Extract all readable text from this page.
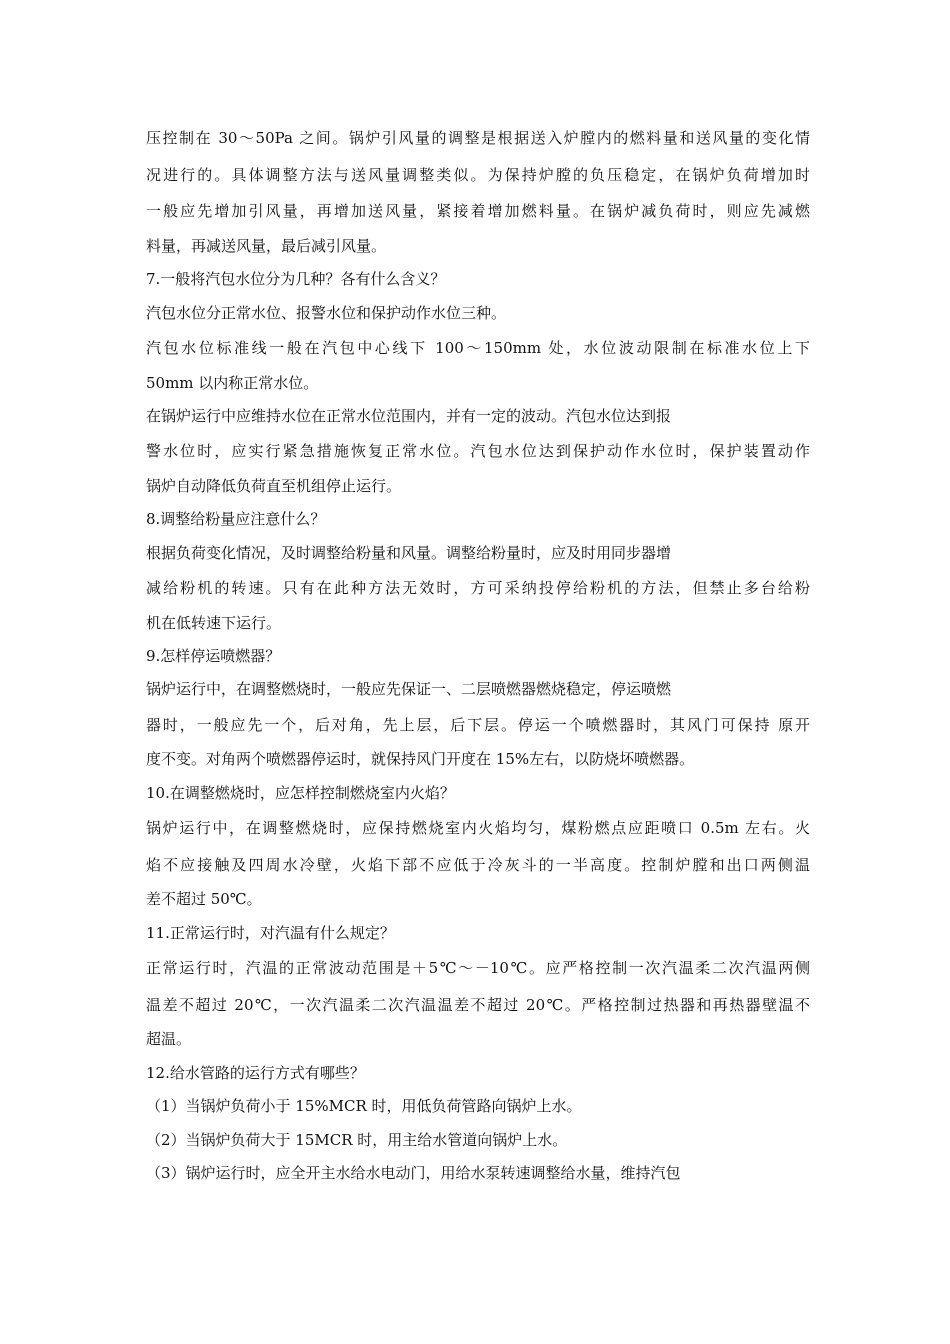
压控制在 30～50Pa 之间。锅炉引风量的调整是根据送入炉膛内的燃料量和送风量的变化情
况进行的。具体调整方法与送风量调整类似。为保持炉膛的负压稳定，在锅炉负荷增加时
一般应先增加引风量，再增加送风量，紧接着增加燃料量。在锅炉减负荷时，则应先减燃
料量，再减送风量，最后减引风量。
7.一般将汽包水位分为几种？各有什么含义？
汽包水位分正常水位、报警水位和保护动作水位三种。
汽包水位标准线一般在汽包中心线下 100～150mm 处，水位波动限制在标准水位上下
50mm 以内称正常水位。
在锅炉运行中应维持水位在正常水位范围内，并有一定的波动。汽包水位达到报
警水位时，应实行紧急措施恢复正常水位。汽包水位达到保护动作水位时，保护装置动作
锅炉自动降低负荷直至机组停止运行。
8.调整给粉量应注意什么？
根据负荷变化情况，及时调整给粉量和风量。调整给粉量时，应及时用同步器增
减给粉机的转速。只有在此种方法无效时，方可采纳投停给粉机的方法，但禁止多台给粉
机在低转速下运行。
9.怎样停运喷燃器？
锅炉运行中，在调整燃烧时，一般应先保证一、二层喷燃器燃烧稳定，停运喷燃
器时，一般应先一个，后对角，先上层，后下层。停运一个喷燃器时，其风门可保持 原开
度不变。对角两个喷燃器停运时，就保持风门开度在 15%左右，以防烧坏喷燃器。
10.在调整燃烧时，应怎样控制燃烧室内火焰？
锅炉运行中，在调整燃烧时，应保持燃烧室内火焰均匀，煤粉燃点应距喷口 0.5m 左右。火
焰不应接触及四周水冷壁，火焰下部不应低于冷灰斗的一半高度。控制炉膛和出口两侧温
差不超过 50℃。
11.正常运行时，对汽温有什么规定？
正常运行时，汽温的正常波动范围是＋5℃～－10℃。应严格控制一次汽温柔二次汽温两侧
温差不超过 20℃，一次汽温柔二次汽温温差不超过 20℃。严格控制过热器和再热器壁温不
超温。
12.给水管路的运行方式有哪些？
（1）当锅炉负荷小于 15%MCR 时，用低负荷管路向锅炉上水。
（2）当锅炉负荷大于 15MCR 时，用主给水管道向锅炉上水。
（3）锅炉运行时，应全开主水给水电动门，用给水泵转速调整给水量，维持汽包
